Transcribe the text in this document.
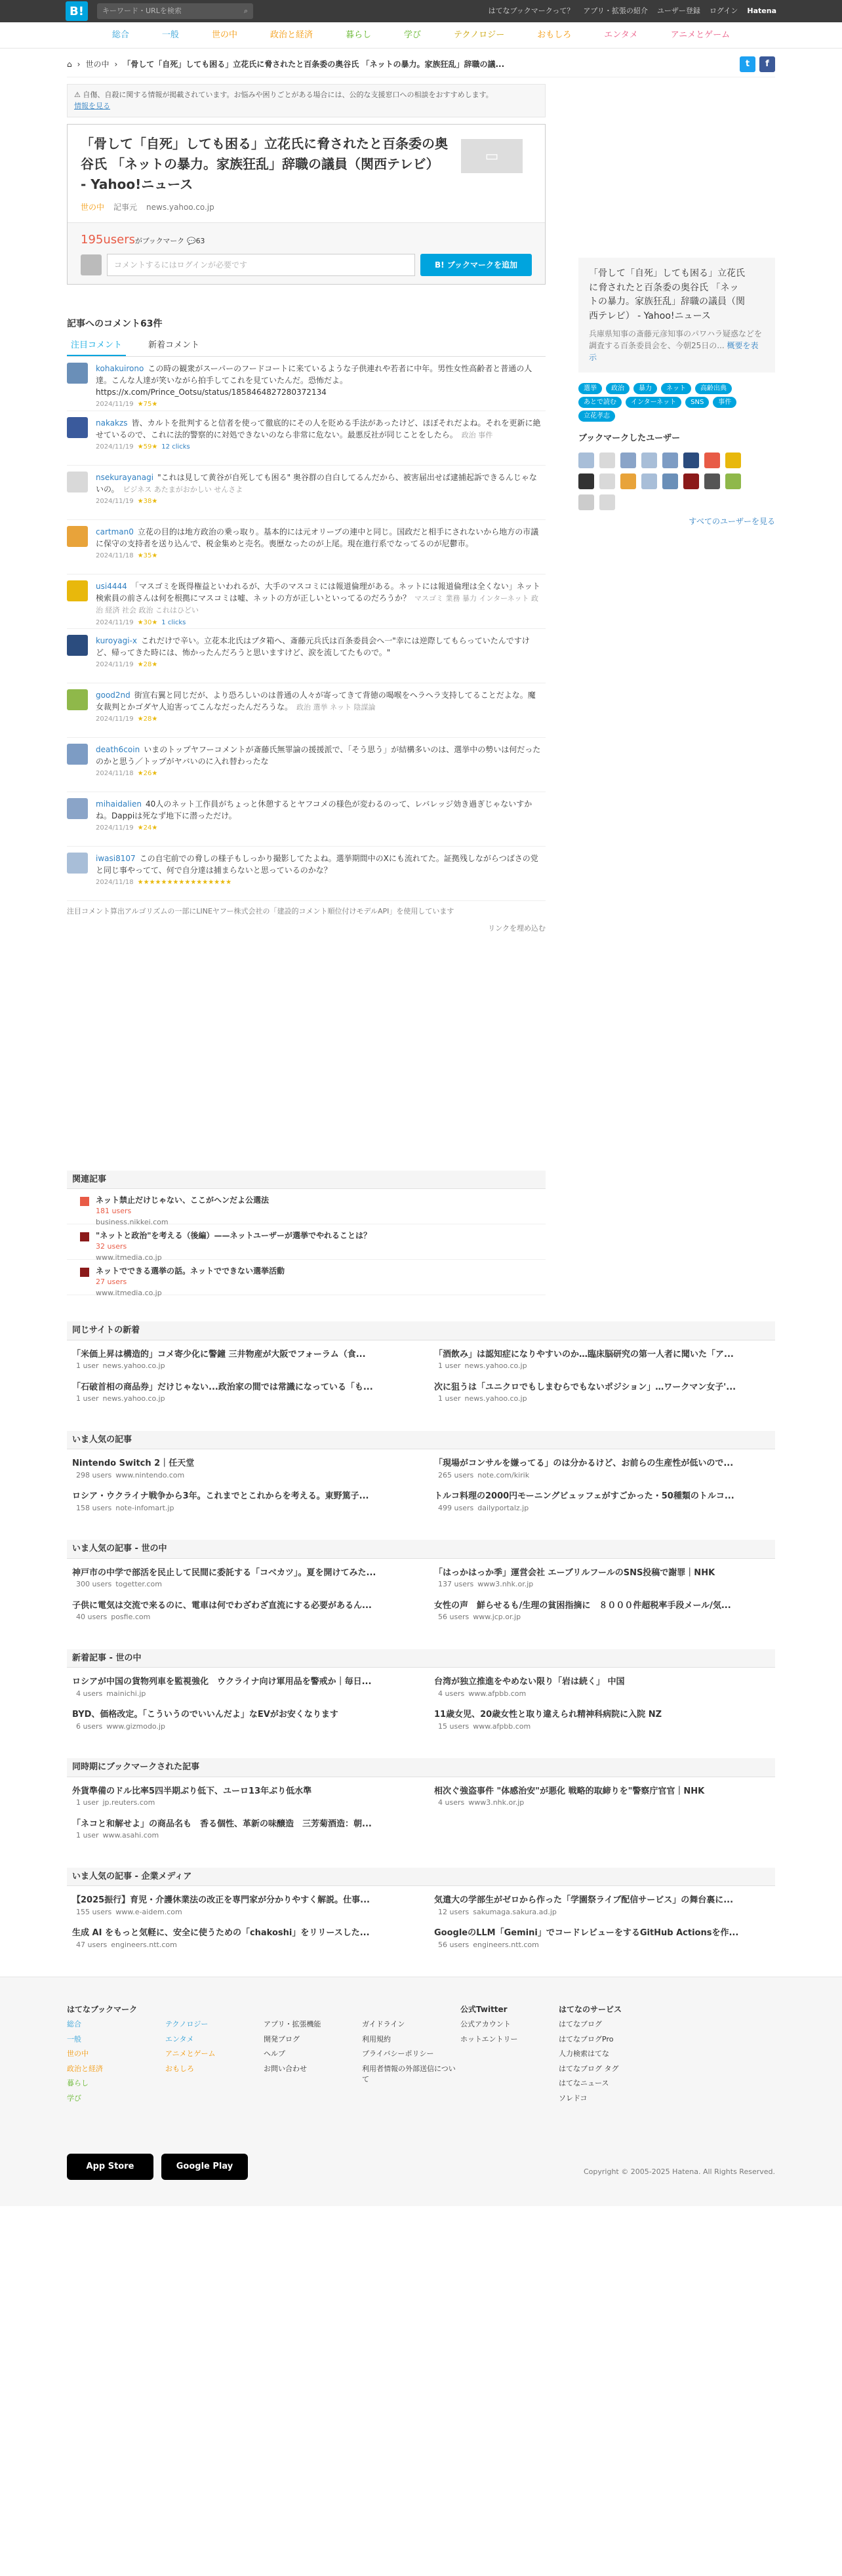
B!	キーワード・URLを検索	⌕	はてなブックマークって？ アプリ・拡張の紹介 ユーザー登録 ログイン Hatena
総合	一般	世の中	政治と経済	暮らし	学び	テクノロジー	おもしろ	エンタメ	アニメとゲーム
⌂ › 世の中 › 「骨して「自死」しても困る」立花氏に脅されたと百条委の奥谷氏 「ネットの暴力。家族狂乱」辞職の議...	t	f
⚠ 自傷、自殺に関する情報が掲載されています。お悩みや困りごとがある場合には、公的な支援窓口への相談をおすすめします。
情報を見る
「骨して「自死」しても困る」立花氏に脅されたと百条委の奥谷氏 「ネットの暴力。家族狂乱」辞職の議員（関西テレビ） - Yahoo!ニュース
世の中 記事元 news.yahoo.co.jp
▭
195usersがブックマーク 💬63
コメントするにはログインが必要です	B! ブックマークを追加
記事へのコメント63件
注目コメント	新着コメント
kohakuirono この時の観衆がスーパーのフードコートに来ているような子供連れや若者に中年。男性女性高齢者と普通の人達。こんな人達が笑いながら拍手してこれを見ていたんだ。恐怖だよ。 https://x.com/Prince_Ootsu/status/1858464827280372134
2024/11/19 ★75★
nakakzs 皆、カルトを批判すると信者を使って徹底的にその人を貶める手法があったけど、ほぼそれだよね。それを更新に絶せているので、これに法的警察的に対処できないのなら非常に危ない。最悪反社が同じことをしたら。 政治 事件
2024/11/19 ★59★ 12 clicks
nsekurayanagi "これは見して黄谷が自死しても困る" 奥谷群の自白してるんだから、被害届出せば逮捕起訴できるんじゃないの。 ビジネス あたまがおかしい せんさよ
2024/11/19 ★38★
cartman0 立花の目的は地方政治の乗っ取り。基本的には元オリーブの連中と同じ。国政だと相手にされないから地方の市議に保守の支持者を送り込んで、税金集めと売名。喪歴なったのが上尾。現在進行系でなってるのが尼鬱市。
2024/11/18 ★35★
usi4444 「マスゴミを既得権益といわれるが、大手のマスコミには報道倫理がある。ネットには報道倫理は全くない」ネット検索員の前さんは何を根拠にマスコミは嘘、ネットの方が正しいといってるのだろうか？ マスゴミ 業務 暴力 インターネット 政治 経済 社会 政治 これはひどい
2024/11/19 ★30★ 1 clicks
kuroyagi-x これだけで辛い。立花本北氏はブタ箱へ、斎藤元兵氏は百条委員会へ一"幸には逆際してもらっていたんですけど、帰ってきた時には、怖かったんだろうと思いますけど、涙を流してたもので。"
2024/11/19 ★28★
good2nd 街宣右翼と同じだが、より恐ろしいのは普通の人々が寄ってきて背徳の喝喉をヘラヘラ支持してることだよな。魔女裁判とかゴダヤ人迫害ってこんなだったんだろうな。 政治 選挙 ネット 陰謀論
2024/11/19 ★28★
death6coin いまのトップヤフーコメントが斎藤氏無罪論の援援派で、「そう思う」が結構多いのは、選挙中の勢いは何だったのかと思う／トップがヤバいのに入れ替わったな
2024/11/18 ★26★
mihaidalien 40人のネット工作員がちょっと休憩するとヤフコメの様色が変わるのって、レバレッジ効き過ぎじゃないすかね。Dappiは死なず地下に潜っただけ。
2024/11/19 ★24★
iwasi8107 この自宅前での脅しの様子もしっかり撮影してたよね。選挙期間中のXにも流れてた。証拠残しながらつばさの党と同じ事やってて、何で自分達は捕まらないと思っているのかな？
2024/11/18 ★★★★★★★★★★★★★★★★
注目コメント算出アルゴリズムの一部にLINEヤフー株式会社の「建設的コメント順位付けモデルAPI」を使用しています
リンクを埋め込む
関連記事
ネット禁止だけじゃない、ここがヘンだよ公選法
181 users
business.nikkei.com
"ネットと政治"を考える（後編）——ネットユーザーが選挙でやれることは？
32 users
www.itmedia.co.jp
ネットでできる選挙の話。ネットでできない選挙活動
27 users
www.itmedia.co.jp
「骨して「自死」しても困る」立花氏に脅されたと百条委の奥谷氏 「ネットの暴力。家族狂乱」辞職の議員（関西テレビ） - Yahoo!ニュース
兵庫県知事の斎藤元彦知事のパワハラ疑惑などを調査する百条委員会を、今朝25日の... 概要を表示
選挙	政治	暴力	ネット	高齢出典
あとで読む	インターネット	SNS	事件
立花孝志
ブックマークしたユーザー
すべてのユーザーを見る
同じサイトの新着
「米価上昇は構造的」コメ寄少化に警鐘 三井物産が大阪でフォーラム（食...
1 user news.yahoo.co.jp
「酒飲み」は認知症になりやすいのか…臨床脳研究の第一人者に聞いた「ア...
1 user news.yahoo.co.jp
「石破首相の商品券」だけじゃない...政治家の間では常識になっている「も...
1 user news.yahoo.co.jp
次に狙うは「ユニクロでもしまむらでもないポジション」…ワークマン女子'...
1 user news.yahoo.co.jp
いま人気の記事
Nintendo Switch 2｜任天堂
298 users www.nintendo.com
「現場がコンサルを嫌ってる」のは分かるけど、お前らの生産性が低いので...
265 users note.com/kirik
ロシア・ウクライナ戦争から3年。これまでとこれからを考える。東野篤子...
158 users note-infomart.jp
トルコ料理の2000円モーニングビュッフェがすごかった・50種類のトルコ...
499 users dailyportalz.jp
いま人気の記事 - 世の中
神戸市の中学で部活を民止して民間に委託する「コベカツ」。夏を開けてみた...
300 users togetter.com
「はっかはっか季」運営会社 エーブリルフールのSNS投稿で謝罪｜NHK
137 users www3.nhk.or.jp
子供に電気は交流で来るのに、電車は何でわざわざ直流にする必要があるん...
40 users posfie.com
女性の声　鮮らせるも/生理の貧困指摘に　８０００件超税率手段メール/気...
56 users www.jcp.or.jp
新着記事 - 世の中
ロシアが中国の貨物列車を監視強化　ウクライナ向け軍用品を警戒か｜毎日...
4 users mainichi.jp
台湾が独立推進をやめない限り「岩は続く」 中国
4 users www.afpbb.com
BYD、価格改定。「こういうのでいいんだよ」なEVがお安くなります
6 users www.gizmodo.jp
11歳女児、20歳女性と取り違えられ精神科病院に入院 NZ
15 users www.afpbb.com
同時期にブックマークされた記事
外貨準備のドル比率5四半期ぶり低下、ユーロ13年ぶり低水準
1 user jp.reuters.com
相次ぐ強盗事件 "体感治安"が悪化 戦略的取締りを"警察庁官官｜NHK
4 users www3.nhk.or.jp
「ネコと和解せよ」の商品名も　香る個性、革新の味醸造　三芳菊酒造：朝...
1 user www.asahi.com
いま人気の記事 - 企業メディア
【2025振行】育児・介護休業法の改正を専門家が分かりやすく解説。仕事...
155 users www.e-aidem.com
気遣大の学部生がゼロから作った「学園祭ライブ配信サービス」の舞台裏に...
12 users sakumaga.sakura.ad.jp
生成 AI をもっと気軽に、安全に使うための「chakoshi」をリリースした...
47 users engineers.ntt.com
GoogleのLLM「Gemini」でコードレビューをするGitHub Actionsを作...
56 users engineers.ntt.com
はてなブックマーク
総合
一般
世の中
政治と経済
暮らし
学び

テクノロジー
エンタメ
アニメとゲーム
おもしろ

アプリ・拡張機能
開発ブログ
ヘルプ
お問い合わせ

ガイドライン
利用規約
プライバシーポリシー
利用者情報の外部送信について
公式Twitter
公式アカウント
ホットエントリー
はてなのサービス
はてなブログ
はてなブログPro
人力検索はてな
はてなブログ タグ
はてなニュース
ソレドコ
App Store	Google Play	Copyright © 2005-2025 Hatena. All Rights Reserved.
